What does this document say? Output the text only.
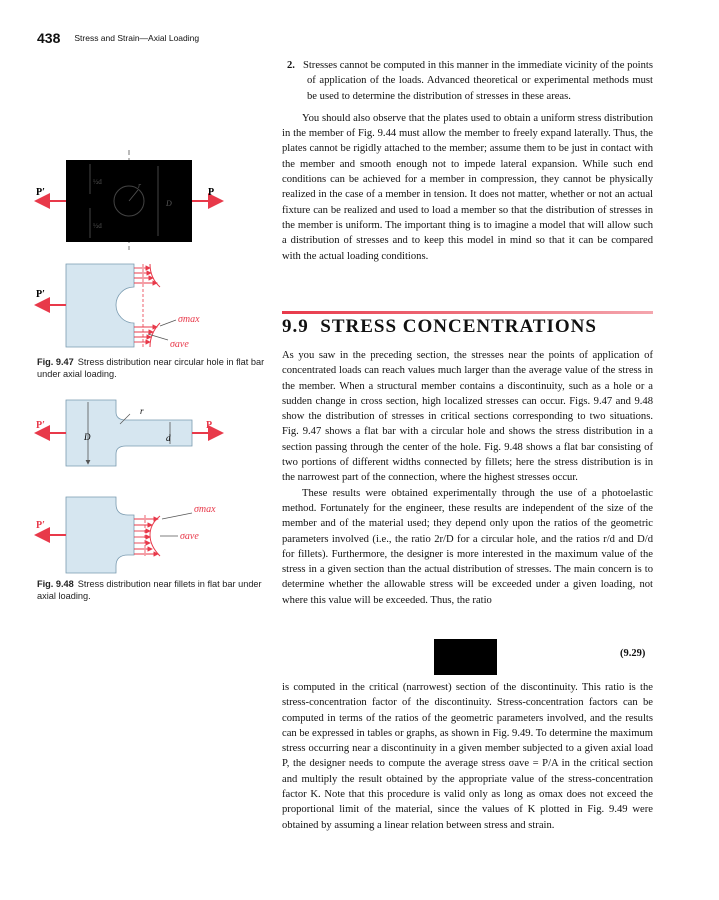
438 Stress and Strain—Axial Loading

2. Stresses cannot be computed in this manner in the immediate vicinity of the points of application of the loads. Advanced theoretical or experimental methods must be used to determine the distribution of stresses in these areas.

You should also observe that the plates used to obtain a uniform stress distribution in the member of Fig. 9.44 must allow the member to freely expand laterally. Thus, the plates cannot be rigidly attached to the member; assume them to be just in contact with the member and smooth enough not to impede lateral expansion. While such end conditions can be achieved for a member in compression, they cannot be physically realized in the case of a member in tension. It does not matter, whether or not an actual fixture can be realized and used to load a member so that the distribution of stresses in the member is uniform. The important thing is to imagine a model that will allow such a distribution of stresses and to keep this model in mind so that it can be compared with the actual loading conditions.

9.9 STRESS CONCENTRATIONS

As you saw in the preceding section, the stresses near the points of application of concentrated loads can reach values much larger than the average value of the stress in the member. When a structural member contains a discontinuity, such as a hole or a sudden change in cross section, high localized stresses can occur. Figs. 9.47 and 9.48 show the distribution of stresses in critical sections corresponding to two situations. Fig. 9.47 shows a flat bar with a circular hole and shows the stress distribution in a section passing through the center of the hole. Fig. 9.48 shows a flat bar consisting of two portions of different widths connected by fillets; here the stress distribution is in the narrowest part of the connection, where the highest stresses occur.

These results were obtained experimentally through the use of a photoelastic method. Fortunately for the engineer, these results are independent of the size of the member and of the material used; they depend only upon the ratios of the geometric parameters involved (i.e., the ratio 2r/D for a circular hole, and the ratios r/d and D/d for fillets). Furthermore, the designer is more interested in the maximum value of the stress in a given section than the actual distribution of stresses. The main concern is to determine whether the allowable stress will be exceeded under a given loading, not where this value will be exceeded. Thus, the ratio

(9.29)

is computed in the critical (narrowest) section of the discontinuity. This ratio is the stress-concentration factor of the discontinuity. Stress-concentration factors can be computed in terms of the ratios of the geometric parameters involved, and the results can be expressed in tables or graphs, as shown in Fig. 9.49. To determine the maximum stress occurring near a discontinuity in a given member subjected to a given axial load P, the designer needs to compute the average stress σave = P/A in the critical section and multiply the result obtained by the appropriate value of the stress-concentration factor K. Note that this procedure is valid only as long as σmax does not exceed the proportional limit of the material, since the values of K plotted in Fig. 9.49 were obtained by assuming a linear relation between stress and strain.

Fig. 9.47 Stress distribution near circular hole in flat bar under axial loading.
Fig. 9.48 Stress distribution near fillets in flat bar under axial loading.
½d
½d
r
D
P′	P
P′
σmax
σave
D	d
r
P′	P
P′
σmax
σave
